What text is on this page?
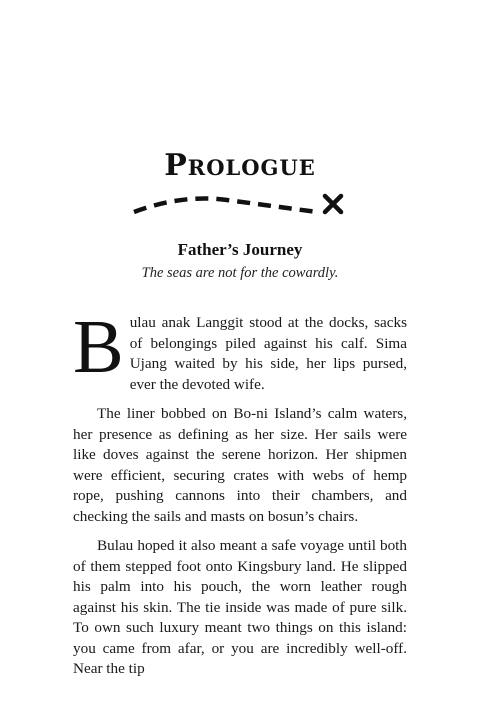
Prologue
Father’s Journey
The seas are not for the cowardly.

Bulau anak Langgit stood at the docks, sacks of belongings piled against his calf. Sima Ujang waited by his side, her lips pursed, ever the devoted wife.

The liner bobbed on Bo-ni Island’s calm waters, her presence as defining as her size. Her sails were like doves against the serene horizon. Her shipmen were efficient, securing crates with webs of hemp rope, pushing cannons into their chambers, and checking the sails and masts on bosun’s chairs.

Bulau hoped it also meant a safe voyage until both of them stepped foot onto Kingsbury land. He slipped his palm into his pouch, the worn leather rough against his skin. The tie inside was made of pure silk. To own such luxury meant two things on this island: you came from afar, or you are incredibly well-off. Near the tip
